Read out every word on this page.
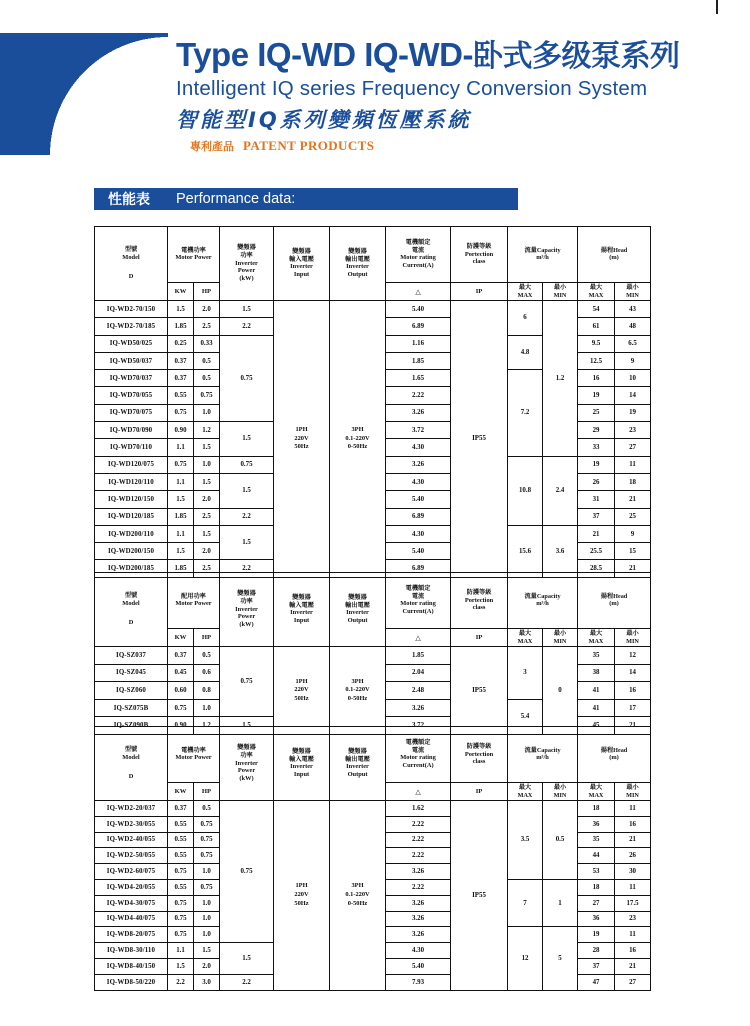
Type IQ-WD IQ-WD-卧式多级泵系列
Intelligent IQ series Frequency Conversion System
智能型IQ系列變頻恆壓系統
專利產品 PATENT PRODUCTS
性能表 Performance data:
型號
Model
D	電機功率
Motor Power		變頻器
功率
Inverter
Power
(kW)	變頻器
輸入電壓
Inverter
Input	變頻器
輸出電壓
Inverter
Output	電機額定
電流
Motor rating
Current(A)	防護等級
Portection
class	流量Capacity
m³/h		揚程Head
(m)	

	KW	HP				△	IP	最大
MAX	最小
MIN	最大
MAX	最小
MIN

IQ-WD2-70/150	1.5	2.0	1.5	1PH
220V
50Hz	3PH
0.1-220V
0-50Hz	5.40	IP55	6	1.2	54	43
IQ-WD2-70/185	1.85	2.5	2.2			6.89				61	48
IQ-WD50/025	0.25	0.33	0.75			1.16		4.8		9.5	6.5
IQ-WD50/037	0.37	0.5				1.85				12.5	9
IQ-WD70/037	0.37	0.5				1.65		7.2		16	10
IQ-WD70/055	0.55	0.75				2.22				19	14
IQ-WD70/075	0.75	1.0				3.26				25	19
IQ-WD70/090	0.90	1.2	1.5			3.72				29	23
IQ-WD70/110	1.1	1.5				4.30				33	27
IQ-WD120/075	0.75	1.0	0.75			3.26		10.8	2.4	19	11
IQ-WD120/110	1.1	1.5	1.5			4.30				26	18
IQ-WD120/150	1.5	2.0				5.40				31	21
IQ-WD120/185	1.85	2.5	2.2			6.89				37	25
IQ-WD200/110	1.1	1.5	1.5			4.30		15.6	3.6	21	9
IQ-WD200/150	1.5	2.0				5.40				25.5	15
IQ-WD200/185	1.85	2.5	2.2			6.89				28.5	21
型號
Model
D	配用功率
Motor Power		變頻器
功率
Inverter
Power
(kW)	變頻器
輸入電壓
Inverter
Input	變頻器
輸出電壓
Inverter
Output	電機額定
電流
Motor rating
Current(A)	防護等級
Portection
class	流量Capacity
m³/h		揚程Head
(m)	

	KW	HP				△	IP	最大
MAX	最小
MIN	最大
MAX	最小
MIN

IQ-SZ037	0.37	0.5	0.75	1PH
220V
50Hz	3PH
0.1-220V
0-50Hz	1.85	IP55	3	0	35	12
IQ-SZ045	0.45	0.6				2.04				38	14
IQ-SZ060	0.60	0.8				2.48				41	16
IQ-SZ075B	0.75	1.0				3.26		5.4		41	17
IQ-SZ090B	0.90	1.2	1.5			3.72				45	21
型號
Model
D	電機功率
Motor Power		變頻器
功率
Inverter
Power
(kW)	變頻器
輸入電壓
Inverter
Input	變頻器
輸出電壓
Inverter
Output	電機額定
電流
Motor rating
Current(A)	防護等級
Portection
class	流量Capacity
m³/h		揚程Head
(m)	

	KW	HP				△	IP	最大
MAX	最小
MIN	最大
MAX	最小
MIN

IQ-WD2-20/037	0.37	0.5	0.75	1PH
220V
50Hz	3PH
0.1-220V
0-50Hz	1.62	IP55	3.5	0.5	18	11
IQ-WD2-30/055	0.55	0.75				2.22				36	16
IQ-WD2-40/055	0.55	0.75				2.22				35	21
IQ-WD2-50/055	0.55	0.75				2.22				44	26
IQ-WD2-60/075	0.75	1.0				3.26				53	30
IQ-WD4-20/055	0.55	0.75				2.22		7	1	18	11
IQ-WD4-30/075	0.75	1.0				3.26				27	17.5
IQ-WD4-40/075	0.75	1.0				3.26				36	23
IQ-WD8-20/075	0.75	1.0				3.26		12	5	19	11
IQ-WD8-30/110	1.1	1.5	1.5			4.30				28	16
IQ-WD8-40/150	1.5	2.0				5.40				37	21
IQ-WD8-50/220	2.2	3.0	2.2			7.93				47	27
